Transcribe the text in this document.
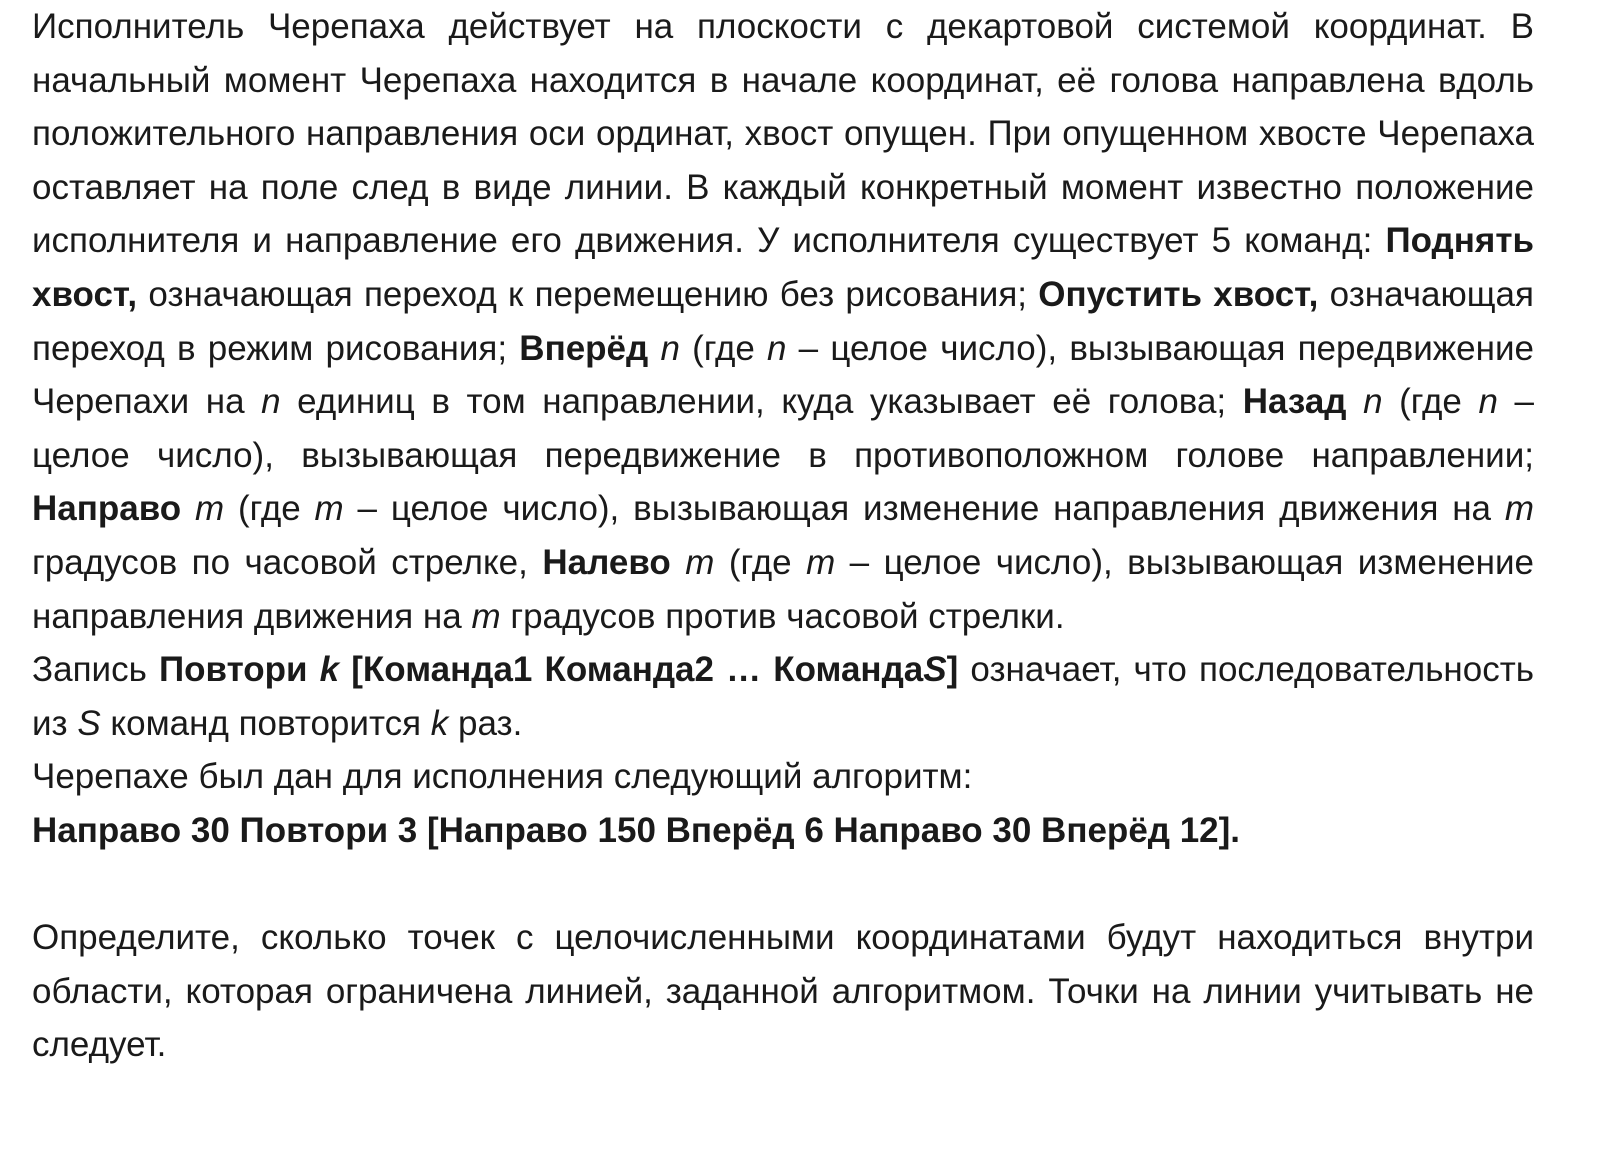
Исполнитель Черепаха действует на плоскости с декартовой системой координат. В начальный момент Черепаха находится в начале координат, её голова направлена вдоль положительного направления оси ординат, хвост опущен. При опущенном хвосте Черепаха оставляет на поле след в виде линии. В каждый конкретный момент известно положение исполнителя и направление его движения. У исполнителя существует 5 команд: Поднять хвост, означающая переход к перемещению без рисования; Опустить хвост, означающая переход в режим рисования; Вперёд n (где n – целое число), вызывающая передвижение Черепахи на n единиц в том направлении, куда указывает её голова; Назад n (где n – целое число), вызывающая передвижение в противоположном голове направлении; Направо m (где m – целое число), вызывающая изменение направления движения на m градусов по часовой стрелке, Налево m (где m – целое число), вызывающая изменение направления движения на m градусов против часовой стрелки.

Запись Повтори k [Команда1 Команда2 … КомандаS] означает, что последовательность из S команд повторится k раз.

Черепахе был дан для исполнения следующий алгоритм:

Направо 30 Повтори 3 [Направо 150 Вперёд 6 Направо 30 Вперёд 12].

Определите, сколько точек с целочисленными координатами будут находиться внутри области, которая ограничена линией, заданной алгоритмом. Точки на линии учитывать не следует.
